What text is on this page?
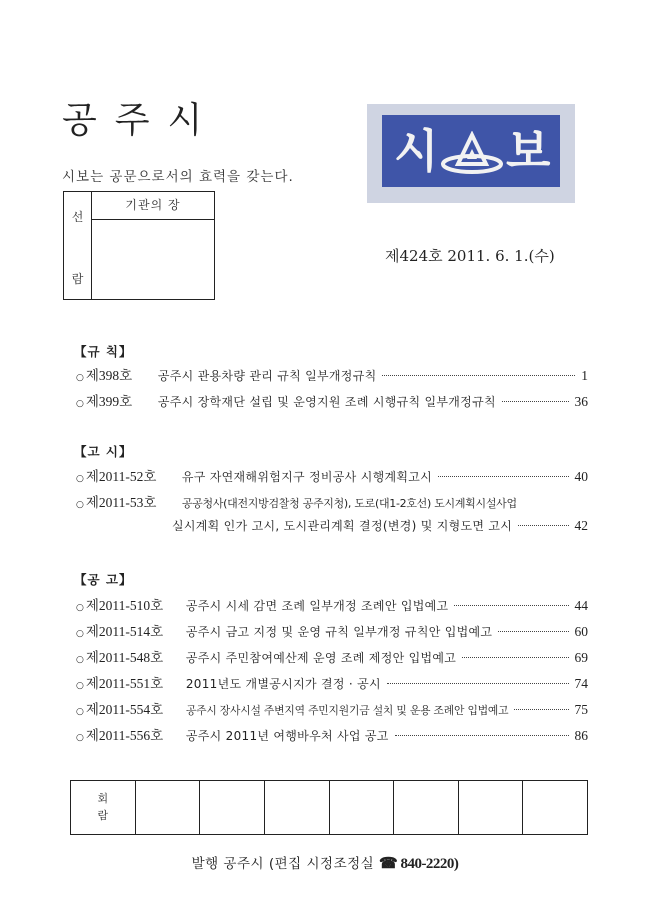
공주시
시보는 공문으로서의 효력을 갖는다.
선
람
기관의 장
시 보
제424호 2011. 6. 1.(수)
【규 칙】
○ 제398호	공주시 관용차량 관리 규칙 일부개정규칙	1
○ 제399호	공주시 장학재단 설립 및 운영지원 조례 시행규칙 일부개정규칙	36
【고 시】
○ 제2011-52호	유구 자연재해위험지구 정비공사 시행계획고시	40
○ 제2011-53호	공공청사(대전지방검찰청 공주지청), 도로(대1-2호선) 도시계획시설사업
실시계획 인가 고시, 도시관리계획 결정(변경) 및 지형도면 고시	42
【공 고】
○ 제2011-510호	공주시 시세 감면 조례 일부개정 조례안 입법예고	44
○ 제2011-514호	공주시 금고 지정 및 운영 규칙 일부개정 규칙안 입법예고	60
○ 제2011-548호	공주시 주민참여예산제 운영 조례 제정안 입법예고	69
○ 제2011-551호	2011년도 개별공시지가 결정 · 공시	74
○ 제2011-554호	공주시 장사시설 주변지역 주민지원기금 설치 및 운용 조례안 입법예고	75
○ 제2011-556호	공주시 2011년 여행바우처 사업 공고	86
회
람
발행 공주시 (편집 시정조정실 ☎ 840-2220)
